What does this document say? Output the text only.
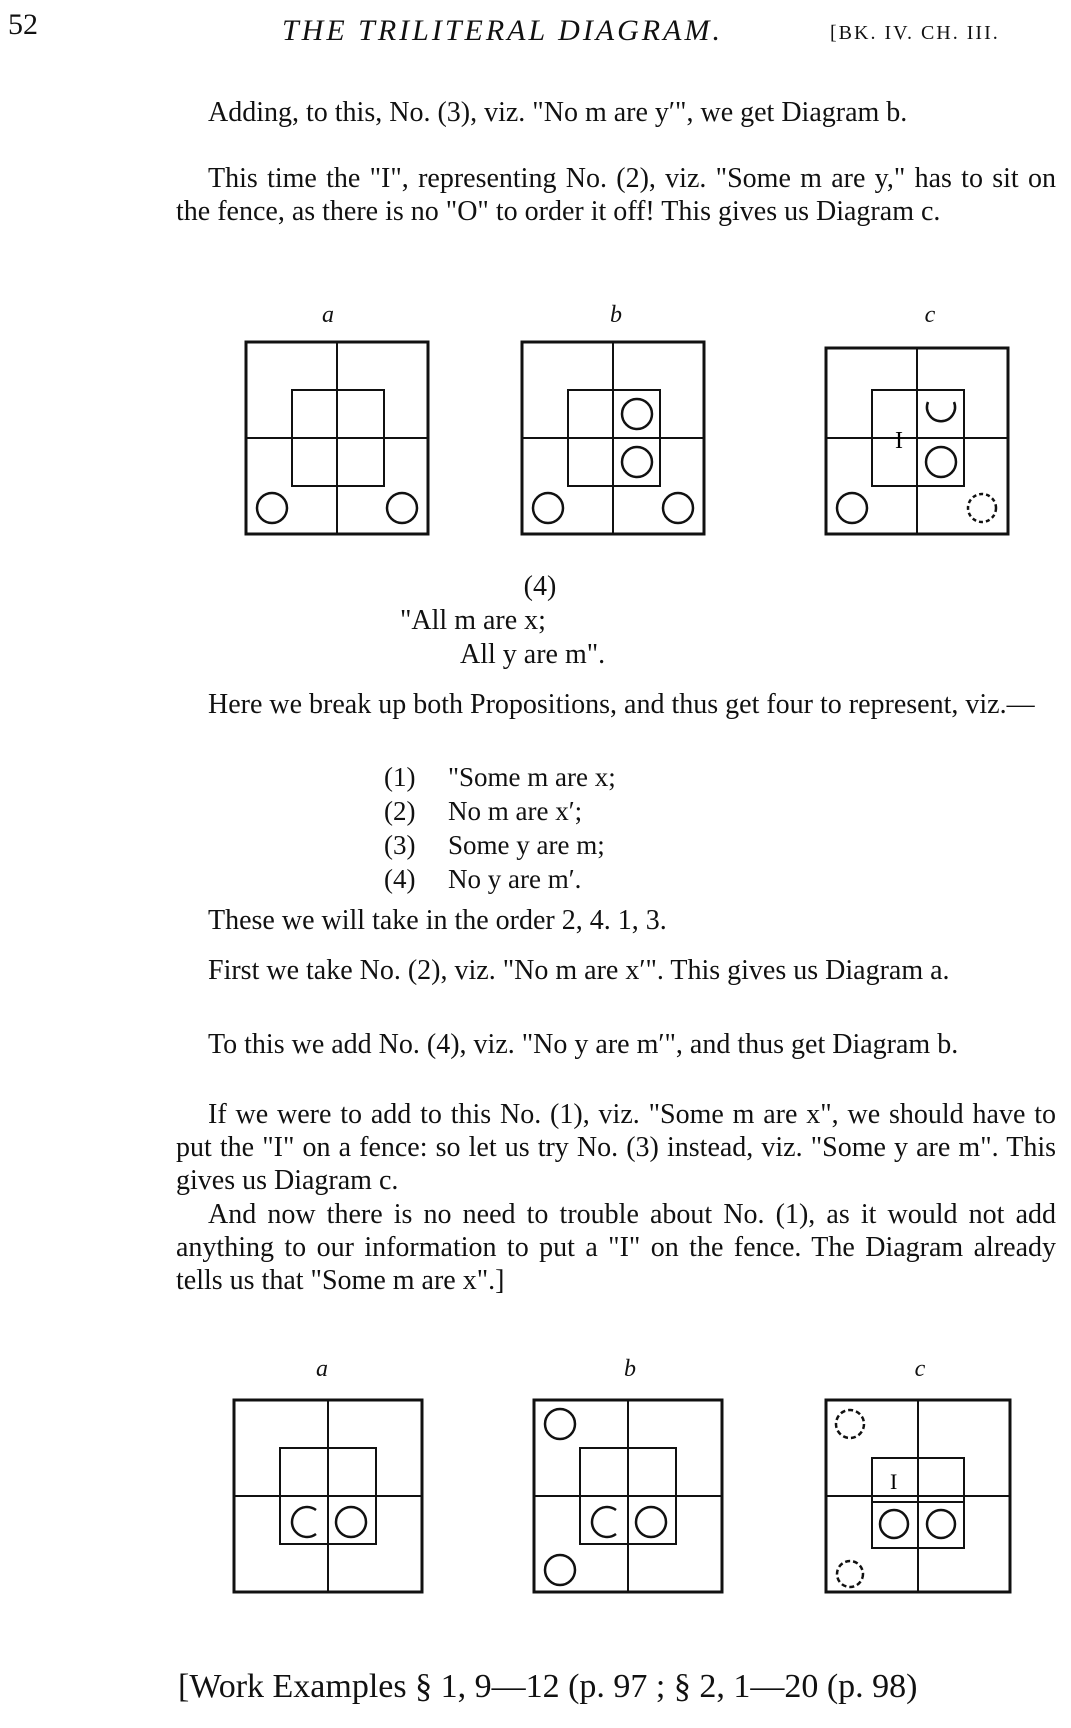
52	THE TRILITERAL DIAGRAM.	[BK. IV. CH. III.
Adding, to this, No. (3), viz. "No m are y′", we get Diagram b.
This time the "I", representing No. (2), viz. "Some m are y," has to sit on the fence, as there is no "O" to order it off! This gives us Diagram c.
a	b	c
I
(4)
"All m are x;
All y are m".
Here we break up both Propositions, and thus get four to represent, viz.—
(1) "Some m are x;
(2) No m are x′;
(3) Some y are m;
(4) No y are m′.
These we will take in the order 2, 4. 1, 3.
First we take No. (2), viz. "No m are x′". This gives us Diagram a.
To this we add No. (4), viz. "No y are m′", and thus get Diagram b.
If we were to add to this No. (1), viz. "Some m are x", we should have to put the "I" on a fence: so let us try No. (3) instead, viz. "Some y are m". This gives us Diagram c.
And now there is no need to trouble about No. (1), as it would not add anything to our information to put a "I" on the fence. The Diagram already tells us that "Some m are x".]
a	b	c
I
[Work Examples § 1, 9—12 (p. 97 ; § 2, 1—20 (p. 98)
